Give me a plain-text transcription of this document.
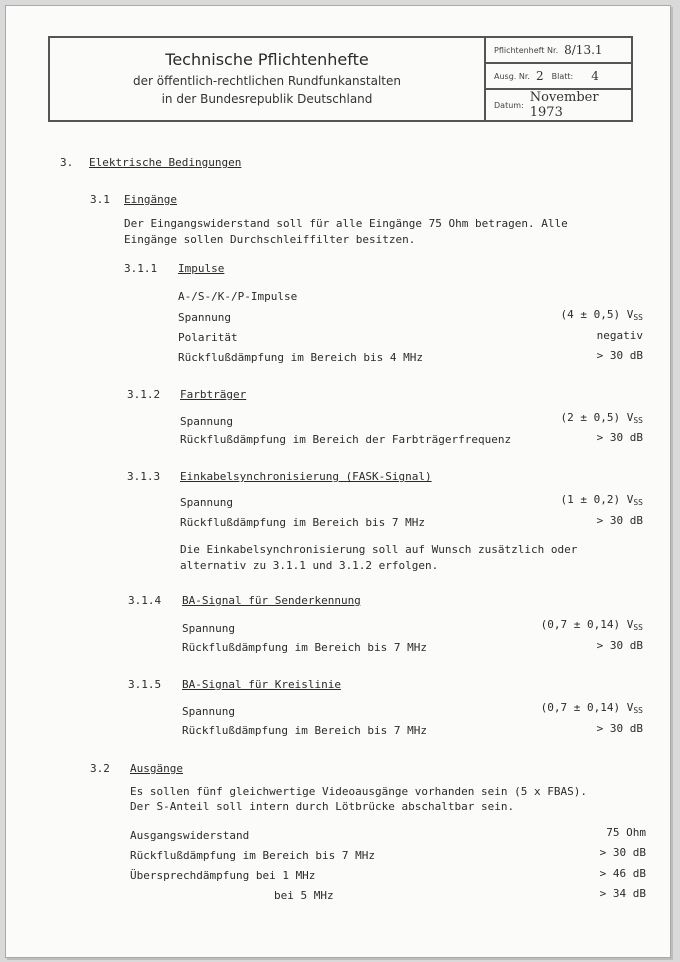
Technische Pflichtenhefte
der öffentlich-rechtlichen Rundfunkanstalten
in der Bundesrepublik Deutschland
Pflichtenheft Nr. 8/13.1
Ausg. Nr. 2 Blatt: 4
Datum: November 1973
3. Elektrische Bedingungen
3.1 Eingänge
Der Eingangswiderstand soll für alle Eingänge 75 Ohm betragen. Alle
Eingänge sollen Durchschleiffilter besitzen.
3.1.1 Impulse
A-/S-/K-/P-Impulse
Spannung	(4 ± 0,5) $V_{SS}$
Polarität	negativ
Rückflußdämpfung im Bereich bis 4 MHz	> 30 dB
3.1.2 Farbträger
Spannung	(2 ± 0,5) $V_{SS}$
Rückflußdämpfung im Bereich der Farbträgerfrequenz	> 30 dB
3.1.3 Einkabelsynchronisierung (FASK-Signal)
Spannung	(1 ± 0,2) $V_{SS}$
Rückflußdämpfung im Bereich bis 7 MHz	> 30 dB
Die Einkabelsynchronisierung soll auf Wunsch zusätzlich oder
alternativ zu 3.1.1 und 3.1.2 erfolgen.
3.1.4 BA-Signal für Senderkennung
Spannung	(0,7 ± 0,14) $V_{SS}$
Rückflußdämpfung im Bereich bis 7 MHz	> 30 dB
3.1.5 BA-Signal für Kreislinie
Spannung	(0,7 ± 0,14) $V_{SS}$
Rückflußdämpfung im Bereich bis 7 MHz	> 30 dB
3.2 Ausgänge
Es sollen fünf gleichwertige Videoausgänge vorhanden sein (5 x FBAS).
Der S-Anteil soll intern durch Lötbrücke abschaltbar sein.
Ausgangswiderstand	75 Ohm
Rückflußdämpfung im Bereich bis 7 MHz	> 30 dB
Übersprechdämpfung bei 1 MHz	> 46 dB
bei 5 MHz	> 34 dB
